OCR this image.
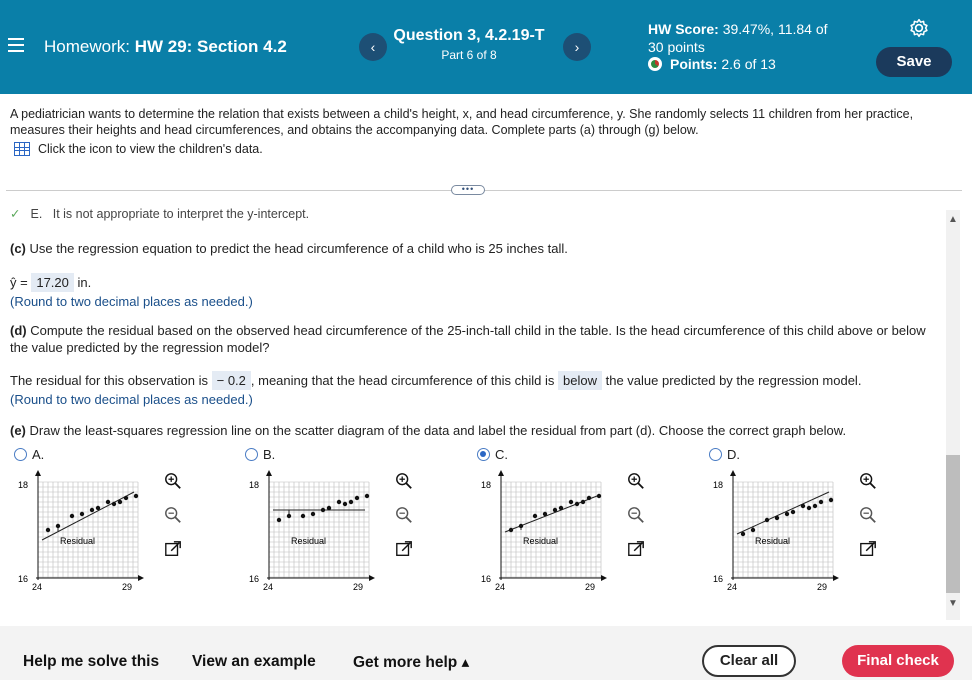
Homework: HW 29: Section 4.2	‹
Question 3, 4.2.19-T
Part 6 of 8	›
HW Score: 39.47%, 11.84 of
30 points
Points: 2.6 of 13	Save
A pediatrician wants to determine the relation that exists between a child's height, x, and head circumference, y. She randomly selects 11 children from her practice, measures their heights and head circumferences, and obtains the accompanying data. Complete parts (a) through (g) below.
Click the icon to view the children's data.
•••
✓ E. It is not appropriate to interpret the y-intercept.
(c) Use the regression equation to predict the head circumference of a child who is 25 inches tall.
ŷ = 17.20 in.
(Round to two decimal places as needed.)
(d) Compute the residual based on the observed head circumference of the 25-inch-tall child in the table. Is the head circumference of this child above or below the value predicted by the regression model?
The residual for this observation is − 0.2 , meaning that the head circumference of this child is below the value predicted by the regression model.
(Round to two decimal places as needed.)
(e) Draw the least-squares regression line on the scatter diagram of the data and label the residual from part (d). Choose the correct graph below.
A.	B.	C.	D.
18
16
24	29
Residual
18
16
24	29
Residual
18
16
24	29
Residual
18
16
24	29
Residual
▲
▼
Help me solve this View an example Get more help ▴	Clear all	Final check
